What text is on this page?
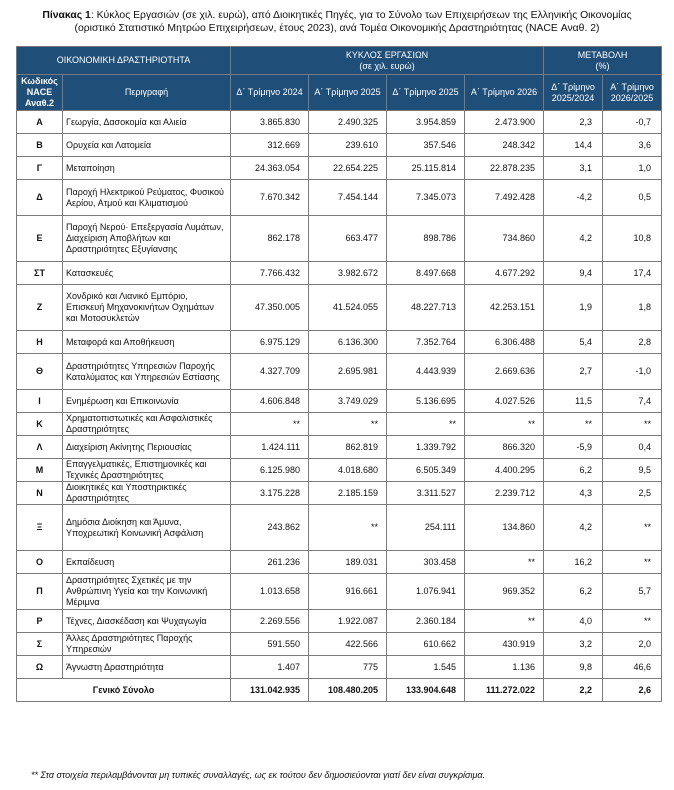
Πίνακας 1: Κύκλος Εργασιών (σε χιλ. ευρώ), από Διοικητικές Πηγές, για το Σύνολο των Επιχειρήσεων της Ελληνικής Οικονομίας
(οριστικό Στατιστικό Μητρώο Επιχειρήσεων, έτους 2023), ανά Τομέα Οικονομικής Δραστηριότητας (NACE Αναθ. 2)
ΟΙΚΟΝΟΜΙΚΗ ΔΡΑΣΤΗΡΙΟΤΗΤΑ		ΚΥΚΛΟΣ ΕΡΓΑΣΙΩΝ
(σε χιλ. ευρώ)				ΜΕΤΑΒΟΛΗ
(%)	
Κωδικός NACE Αναθ.2	Περιγραφή	Δ΄ Τρίμηνο 2024	Α΄ Τρίμηνο 2025	Δ΄ Τρίμηνο 2025	Α΄ Τρίμηνο 2026	Δ΄ Τρίμηνο 2025/2024	Α΄ Τρίμηνο 2026/2025
Α	Γεωργία, Δασοκομία και Αλιεία	3.865.830	2.490.325	3.954.859	2.473.900	2,3	-0,7
Β	Ορυχεία και Λατομεία	312.669	239.610	357.546	248.342	14,4	3,6
Γ	Μεταποίηση	24.363.054	22.654.225	25.115.814	22.878.235	3,1	1,0
Δ	Παροχή Ηλεκτρικού Ρεύματος, Φυσικού Αερίου, Ατμού και Κλιματισμού	7.670.342	7.454.144	7.345.073	7.492.428	-4,2	0,5
Ε	Παροχή Νερού· Επεξεργασία Λυμάτων, Διαχείριση Αποβλήτων και Δραστηριότητες Εξυγίανσης	862.178	663.477	898.786	734.860	4,2	10,8
ΣΤ	Κατασκευές	7.766.432	3.982.672	8.497.668	4.677.292	9,4	17,4
Ζ	Χονδρικό και Λιανικό Εμπόριο, Επισκευή Μηχανοκινήτων Οχημάτων και Μοτοσυκλετών	47.350.005	41.524.055	48.227.713	42.253.151	1,9	1,8
Η	Μεταφορά και Αποθήκευση	6.975.129	6.136.300	7.352.764	6.306.488	5,4	2,8
Θ	Δραστηριότητες Υπηρεσιών Παροχής Καταλύματος και Υπηρεσιών Εστίασης	4.327.709	2.695.981	4.443.939	2.669.636	2,7	-1,0
Ι	Ενημέρωση και Επικοινωνία	4.606.848	3.749.029	5.136.695	4.027.526	11,5	7,4
Κ	Χρηματοπιστωτικές και Ασφαλιστικές Δραστηριότητες	**	**	**	**	**	**
Λ	Διαχείριση Ακίνητης Περιουσίας	1.424.111	862.819	1.339.792	866.320	-5,9	0,4
Μ	Επαγγελματικές, Επιστημονικές και Τεχνικές Δραστηριότητες	6.125.980	4.018.680	6.505.349	4.400.295	6,2	9,5
Ν	Διοικητικές και Υποστηρικτικές Δραστηριότητες	3.175.228	2.185.159	3.311.527	2.239.712	4,3	2,5
Ξ	Δημόσια Διοίκηση και Άμυνα, Υποχρεωτική Κοινωνική Ασφάλιση	243.862	**	254.111	134.860	4,2	**
Ο	Εκπαίδευση	261.236	189.031	303.458	**	16,2	**
Π	Δραστηριότητες Σχετικές με την Ανθρώπινη Υγεία και την Κοινωνική Μέριμνα	1.013.658	916.661	1.076.941	969.352	6,2	5,7
Ρ	Τέχνες, Διασκέδαση και Ψυχαγωγία	2.269.556	1.922.087	2.360.184	**	4,0	**
Σ	Άλλες Δραστηριότητες Παροχής Υπηρεσιών	591.550	422.566	610.662	430.919	3,2	2,0
Ω	Άγνωστη Δραστηριότητα	1.407	775	1.545	1.136	9,8	46,6
Γενικό Σύνολο		131.042.935	108.480.205	133.904.648	111.272.022	2,2	2,6
** Στα στοιχεία περιλαμβάνονται μη τυπικές συναλλαγές, ως εκ τούτου δεν δημοσιεύονται γιατί δεν είναι συγκρίσιμα.
